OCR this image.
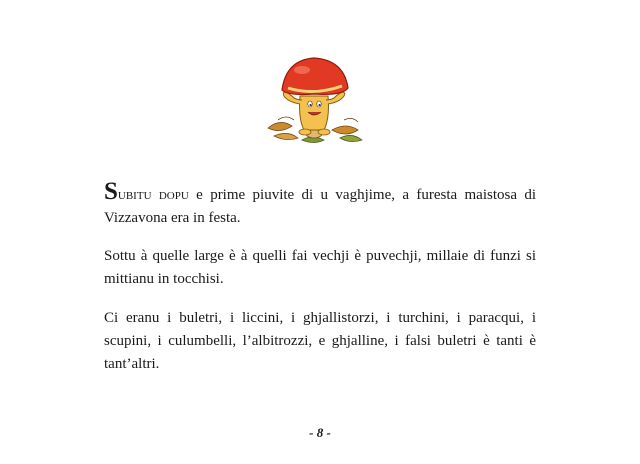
Subitu dopu e prime piuvite di u vaghjime, a furesta maistosa di Vizzavona era in festa.

Sottu à quelle large è à quelli fai vechji è puvechji, millaie di funzi si mittianu in tocchisi.

Ci eranu i buletri, i liccini, i ghjallistorzi, i turchini, i paracqui, i scupini, i culumbelli, l’albitrozzi, e ghjalline, i falsi buletri è tanti è tant’altri.

- 8 -
